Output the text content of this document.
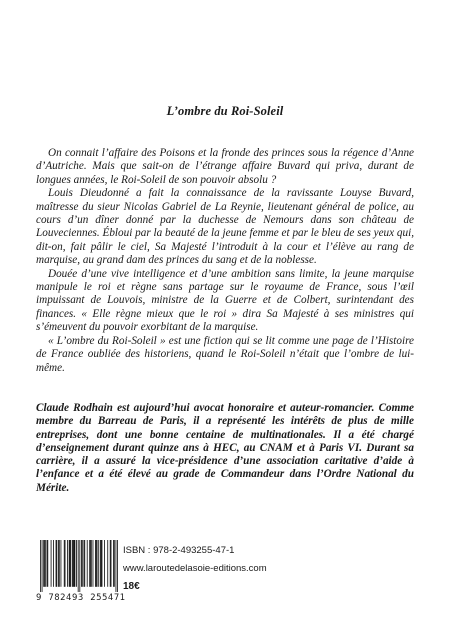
L’ombre du Roi-Soleil

On connait l’affaire des Poisons et la fronde des princes sous la régence d’Anne d’Autriche. Mais que sait-on de l’étrange affaire Buvard qui priva, durant de longues années, le Roi-Soleil de son pouvoir absolu ?

Louis Dieudonné a fait la connaissance de la ravissante Louyse Buvard, maîtresse du sieur Nicolas Gabriel de La Reynie, lieutenant général de police, au cours d’un dîner donné par la duchesse de Nemours dans son château de Louveciennes. Ébloui par la beauté de la jeune femme et par le bleu de ses yeux qui, dit-on, fait pâlir le ciel, Sa Majesté l’introduit à la cour et l’élève au rang de marquise, au grand dam des princes du sang et de la noblesse.

Douée d’une vive intelligence et d’une ambition sans limite, la jeune marquise manipule le roi et règne sans partage sur le royaume de France, sous l’œil impuissant de Louvois, ministre de la Guerre et de Colbert, surintendant des finances. « Elle règne mieux que le roi » dira Sa Majesté à ses ministres qui s’émeuvent du pouvoir exorbitant de la marquise.

« L’ombre du Roi-Soleil » est une fiction qui se lit comme une page de l’Histoire de France oubliée des historiens, quand le Roi-Soleil n’était que l’ombre de lui-même.

Claude Rodhain est aujourd’hui avocat honoraire et auteur-romancier. Comme membre du Barreau de Paris, il a représenté les intérêts de plus de mille entreprises, dont une bonne centaine de multinationales. Il a été chargé d’enseignement durant quinze ans à HEC, au CNAM et à Paris VI. Durant sa carrière, il a assuré la vice-présidence d’une association caritative d’aide à l’enfance et a été élevé au grade de Commandeur dans l’Ordre National du Mérite.

9 782493 255471
ISBN : 978-2-493255-47-1
www.laroutedelasoie-editions.com
18€
